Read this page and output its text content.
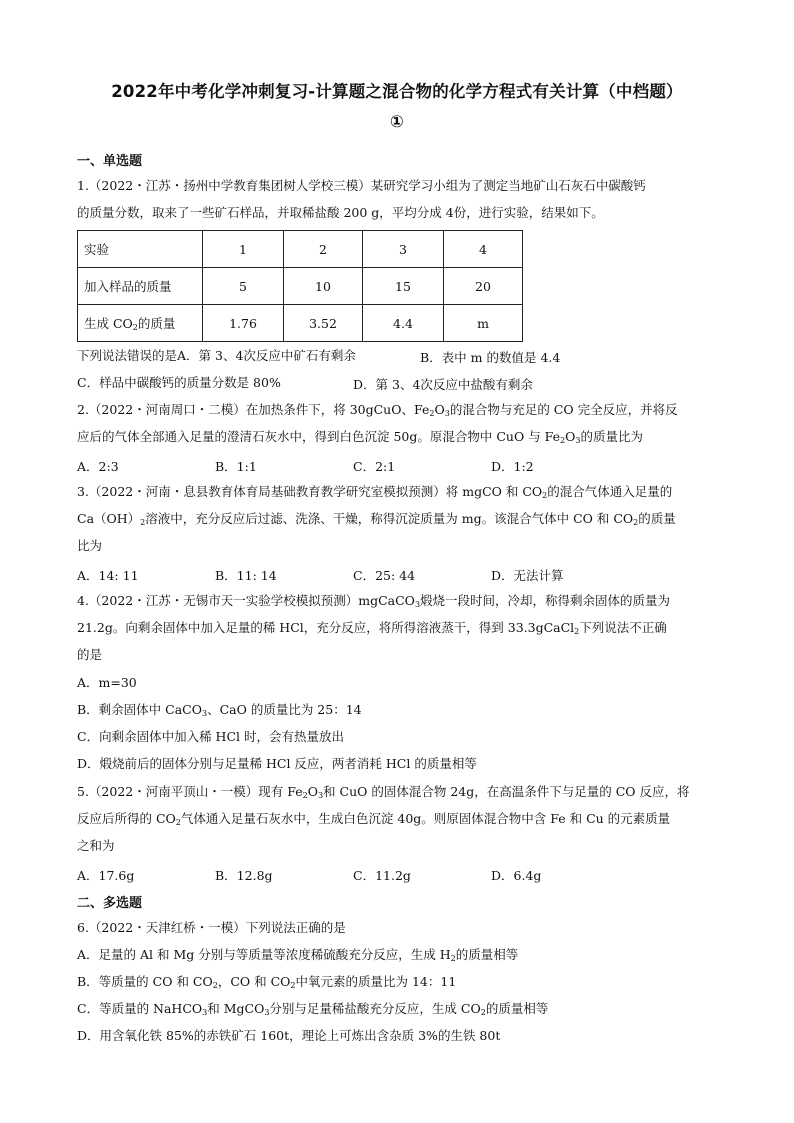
2022年中考化学冲刺复习-计算题之混合物的化学方程式有关计算（中档题）
①
一、单选题
1.（2022・江苏・扬州中学教育集团树人学校三模）某研究学习小组为了测定当地矿山石灰石中碳酸钙
的质量分数，取来了一些矿石样品，并取稀盐酸 200 g，平均分成 4份，进行实验，结果如下。
实验	1	2	3	4
加入样品的质量	5	10	15	20
生成 $CO_2$的质量	1.76	3.52	4.4	m
下列说法错误的是A．第 3、4次反应中矿石有剩余	B．表中 m 的数值是 4.4
C．样品中碳酸钙的质量分数是 80%	D．第 3、4次反应中盐酸有剩余
2.（2022・河南周口・二模）在加热条件下，将 30gCuO、$Fe_2O_3$的混合物与充足的 CO 完全反应，并将反
应后的气体全部通入足量的澄清石灰水中，得到白色沉淀 50g。原混合物中 CuO 与 $Fe_2O_3$的质量比为
A．2:3	B．1:1	C．2:1	D．1:2
3.（2022・河南・息县教育体育局基础教育教学研究室模拟预测）将 mgCO 和 $CO_2$的混合气体通入足量的
$Ca(OH)_2$溶液中，充分反应后过滤、洗涤、干燥，称得沉淀质量为 mg。该混合气体中 CO 和 $CO_2$的质量
比为
A．14: 11	B．11: 14	C．25: 44	D．无法计算
4.（2022・江苏・无锡市天一实验学校模拟预测）mgCaCO$_3$煅烧一段时间，冷却，称得剩余固体的质量为
21.2g。向剩余固体中加入足量的稀 HCl，充分反应，将所得溶液蒸干，得到 33.3gCaCl$_2$下列说法不正确
的是
A．m=30
B．剩余固体中 CaCO$_3$、CaO 的质量比为 25：14
C．向剩余固体中加入稀 HCl 时，会有热量放出
D．煅烧前后的固体分别与足量稀 HCl 反应，两者消耗 HCl 的质量相等
5.（2022・河南平顶山・一模）现有 $Fe_2O_3$和 CuO 的固体混合物 24g，在高温条件下与足量的 CO 反应，将
反应后所得的 $CO_2$气体通入足量石灰水中，生成白色沉淀 40g。则原固体混合物中含 Fe 和 Cu 的元素质量
之和为
A．17.6g	B．12.8g	C．11.2g	D．6.4g
二、多选题
6.（2022・天津红桥・一模）下列说法正确的是
A．足量的 Al 和 Mg 分别与等质量等浓度稀硫酸充分反应，生成 $H_2$的质量相等
B．等质量的 CO 和 $CO_2$，CO 和 $CO_2$中氧元素的质量比为 14：11
C．等质量的 NaHCO$_3$和 MgCO$_3$分别与足量稀盐酸充分反应，生成 $CO_2$的质量相等
D．用含氧化铁 85%的赤铁矿石 160t，理论上可炼出含杂质 3%的生铁 80t
